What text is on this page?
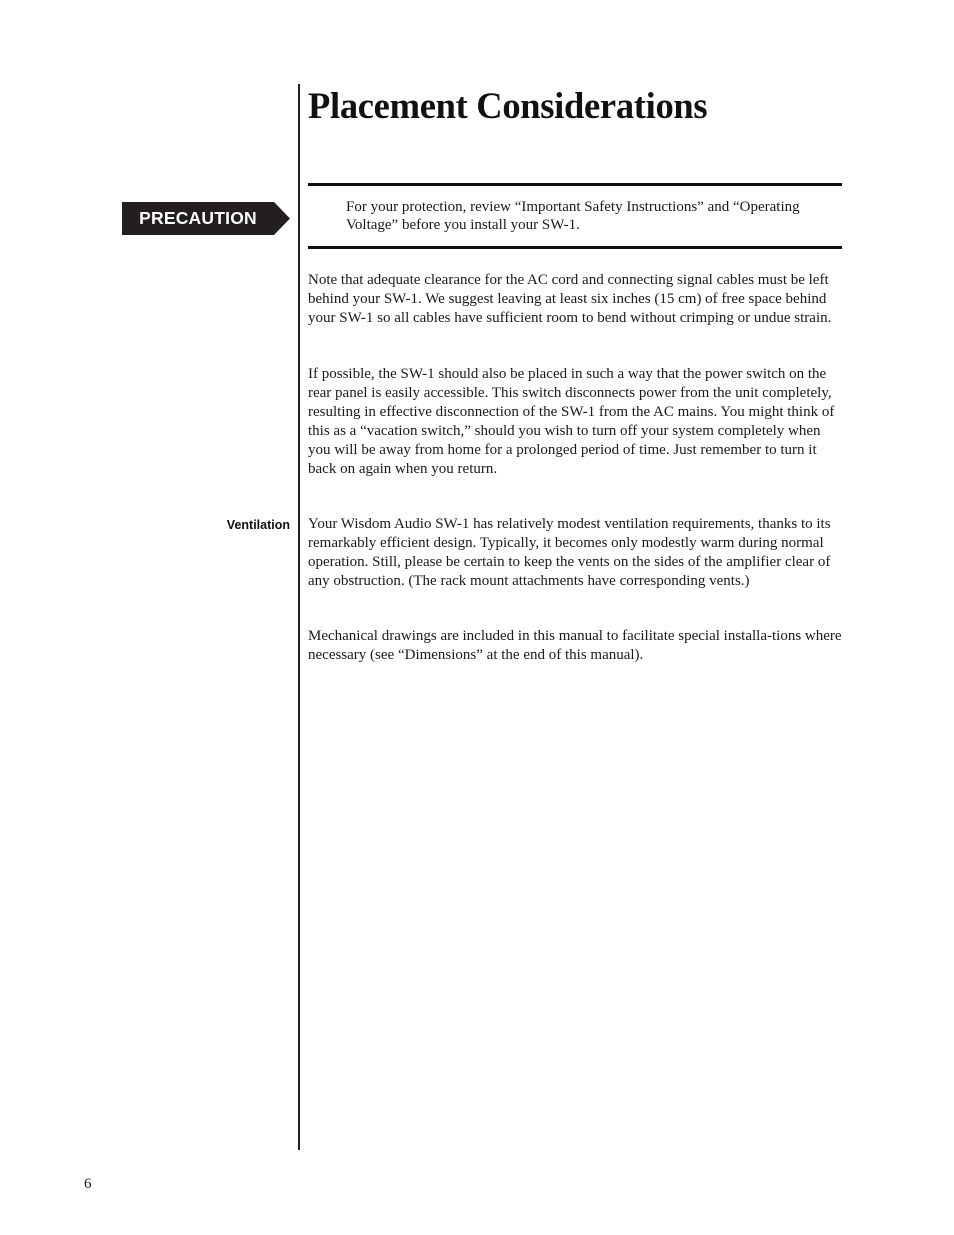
Placement Considerations
PRECAUTION

For your protection, review “Important Safety Instructions” and “Operating Voltage” before you install your SW-1.

Note that adequate clearance for the AC cord and connecting signal cables must be left behind your SW-1. We suggest leaving at least six inches (15 cm) of free space behind your SW-1 so all cables have sufficient room to bend without crimping or undue strain.

If possible, the SW-1 should also be placed in such a way that the power switch on the rear panel is easily accessible. This switch disconnects power from the unit completely, resulting in effective disconnection of the SW-1 from the AC mains. You might think of this as a “vacation switch,” should you wish to turn off your system completely when you will be away from home for a prolonged period of time. Just remember to turn it back on again when you return.

Ventilation Your Wisdom Audio SW-1 has relatively modest ventilation requirements, thanks to its remarkably efficient design. Typically, it becomes only modestly warm during normal operation. Still, please be certain to keep the vents on the sides of the amplifier clear of any obstruction. (The rack mount attachments have corresponding vents.)

Mechanical drawings are included in this manual to facilitate special installa-tions where necessary (see “Dimensions” at the end of this manual).

6
